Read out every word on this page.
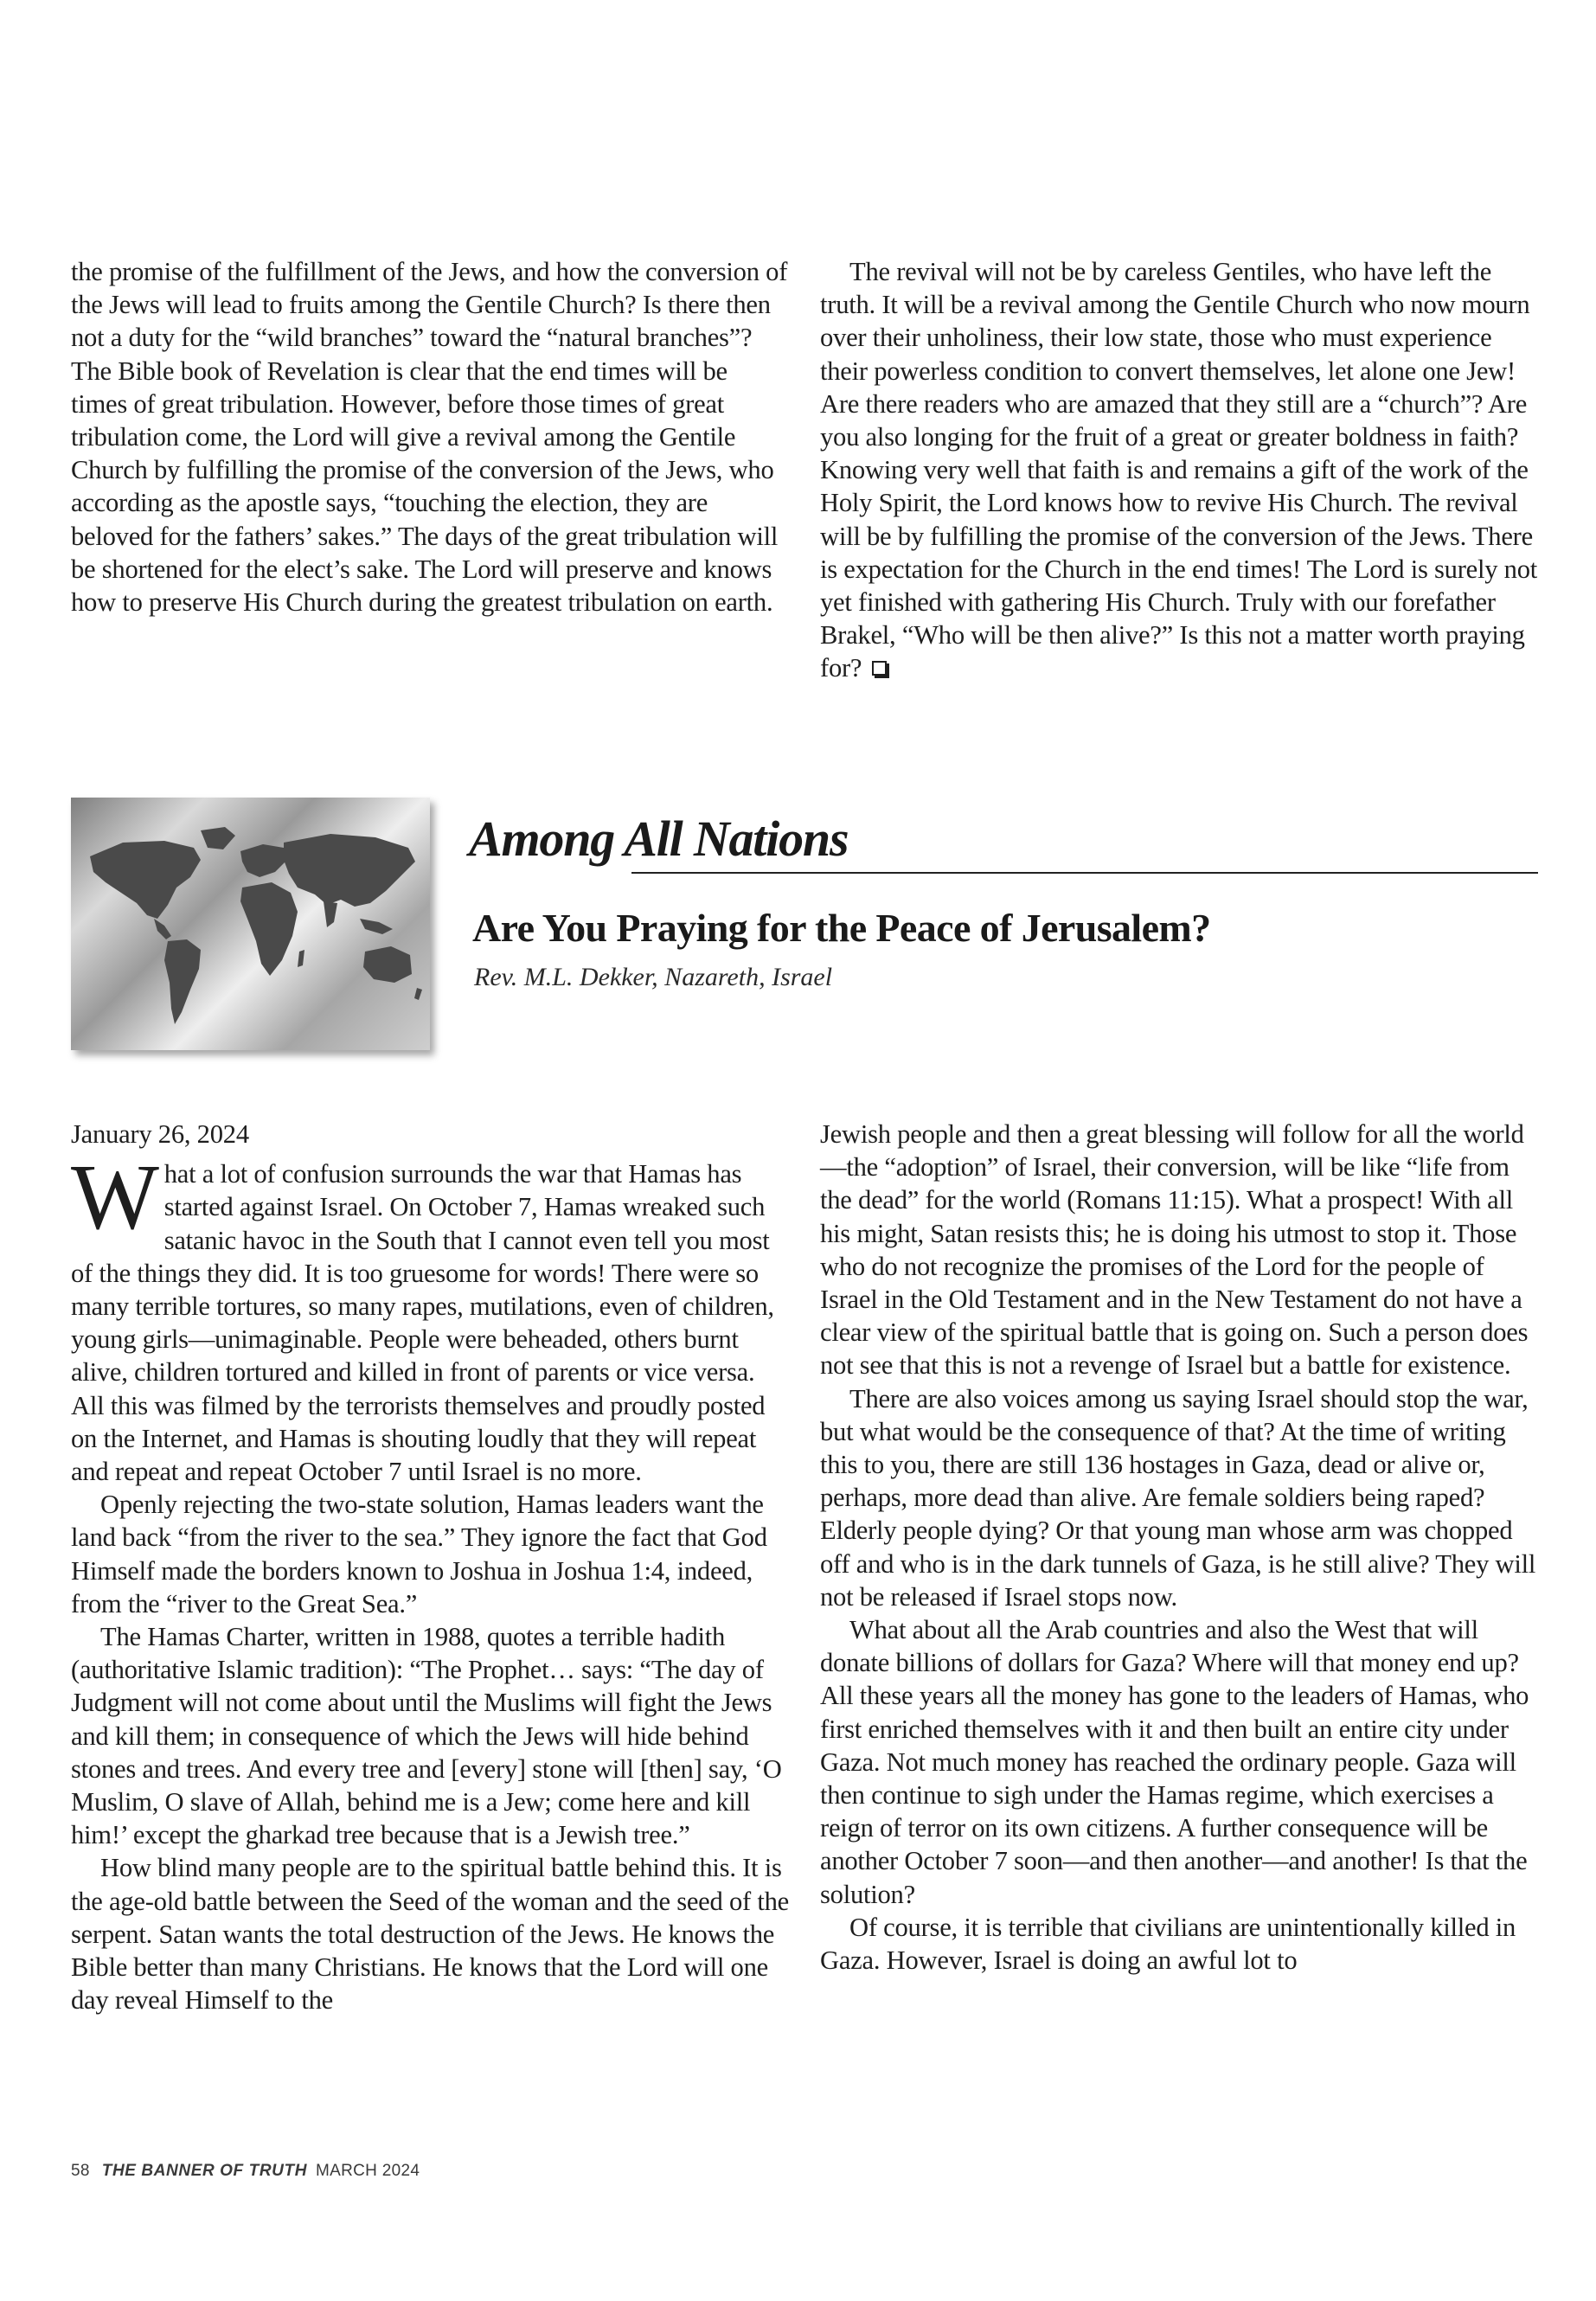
the promise of the fulfillment of the Jews, and how the conversion of the Jews will lead to fruits among the Gentile Church? Is there then not a duty for the “wild branches” toward the “natural branches”? The Bible book of Revelation is clear that the end times will be times of great tribulation. However, before those times of great tribulation come, the Lord will give a revival among the Gentile Church by fulfilling the promise of the conversion of the Jews, who according as the apostle says, “touching the election, they are beloved for the fathers’ sakes.” The days of the great tribulation will be shortened for the elect’s sake. The Lord will preserve and knows how to preserve His Church during the greatest tribulation on earth.

The revival will not be by careless Gentiles, who have left the truth. It will be a revival among the Gentile Church who now mourn over their unholiness, their low state, those who must experience their powerless condition to convert themselves, let alone one Jew! Are there readers who are amazed that they still are a “church”? Are you also longing for the fruit of a great or greater boldness in faith? Knowing very well that faith is and remains a gift of the work of the Holy Spirit, the Lord knows how to revive His Church. The revival will be by fulfilling the promise of the conversion of the Jews. There is expectation for the Church in the end times! The Lord is surely not yet finished with gathering His Church. Truly with our forefather Brakel, “Who will be then alive?” Is this not a matter worth praying for?

Among All Nations
Are You Praying for the Peace of Jerusalem?
Rev. M.L. Dekker, Nazareth, Israel

January 26, 2024

What a lot of confusion surrounds the war that Hamas has started against Israel. On October 7, Hamas wreaked such satanic havoc in the South that I cannot even tell you most of the things they did. It is too gruesome for words! There were so many terrible tortures, so many rapes, mutilations, even of children, young girls—unimaginable. People were beheaded, others burnt alive, children tortured and killed in front of parents or vice versa. All this was filmed by the terrorists themselves and proudly posted on the Internet, and Hamas is shouting loudly that they will repeat and repeat and repeat October 7 until Israel is no more.

Openly rejecting the two-state solution, Hamas leaders want the land back “from the river to the sea.” They ignore the fact that God Himself made the borders known to Joshua in Joshua 1:4, indeed, from the “river to the Great Sea.”

The Hamas Charter, written in 1988, quotes a terrible hadith (authoritative Islamic tradition): “The Prophet… says: “The day of Judgment will not come about until the Muslims will fight the Jews and kill them; in consequence of which the Jews will hide behind stones and trees. And every tree and [every] stone will [then] say, ‘O Muslim, O slave of Allah, behind me is a Jew; come here and kill him!’ except the gharkad tree because that is a Jewish tree.”

How blind many people are to the spiritual battle behind this. It is the age-old battle between the Seed of the woman and the seed of the serpent. Satan wants the total destruction of the Jews. He knows the Bible better than many Christians. He knows that the Lord will one day reveal Himself to the

Jewish people and then a great blessing will follow for all the world—the “adoption” of Israel, their conversion, will be like “life from the dead” for the world (Romans 11:15). What a prospect! With all his might, Satan resists this; he is doing his utmost to stop it. Those who do not recognize the promises of the Lord for the people of Israel in the Old Testament and in the New Testament do not have a clear view of the spiritual battle that is going on. Such a person does not see that this is not a revenge of Israel but a battle for existence.

There are also voices among us saying Israel should stop the war, but what would be the consequence of that? At the time of writing this to you, there are still 136 hostages in Gaza, dead or alive or, perhaps, more dead than alive. Are female soldiers being raped? Elderly people dying? Or that young man whose arm was chopped off and who is in the dark tunnels of Gaza, is he still alive? They will not be released if Israel stops now.

What about all the Arab countries and also the West that will donate billions of dollars for Gaza? Where will that money end up? All these years all the money has gone to the leaders of Hamas, who first enriched themselves with it and then built an entire city under Gaza. Not much money has reached the ordinary people. Gaza will then continue to sigh under the Hamas regime, which exercises a reign of terror on its own citizens. A further consequence will be another October 7 soon—and then another—and another! Is that the solution?

Of course, it is terrible that civilians are unintentionally killed in Gaza. However, Israel is doing an awful lot to

58 THE BANNER OF TRUTH MARCH 2024
